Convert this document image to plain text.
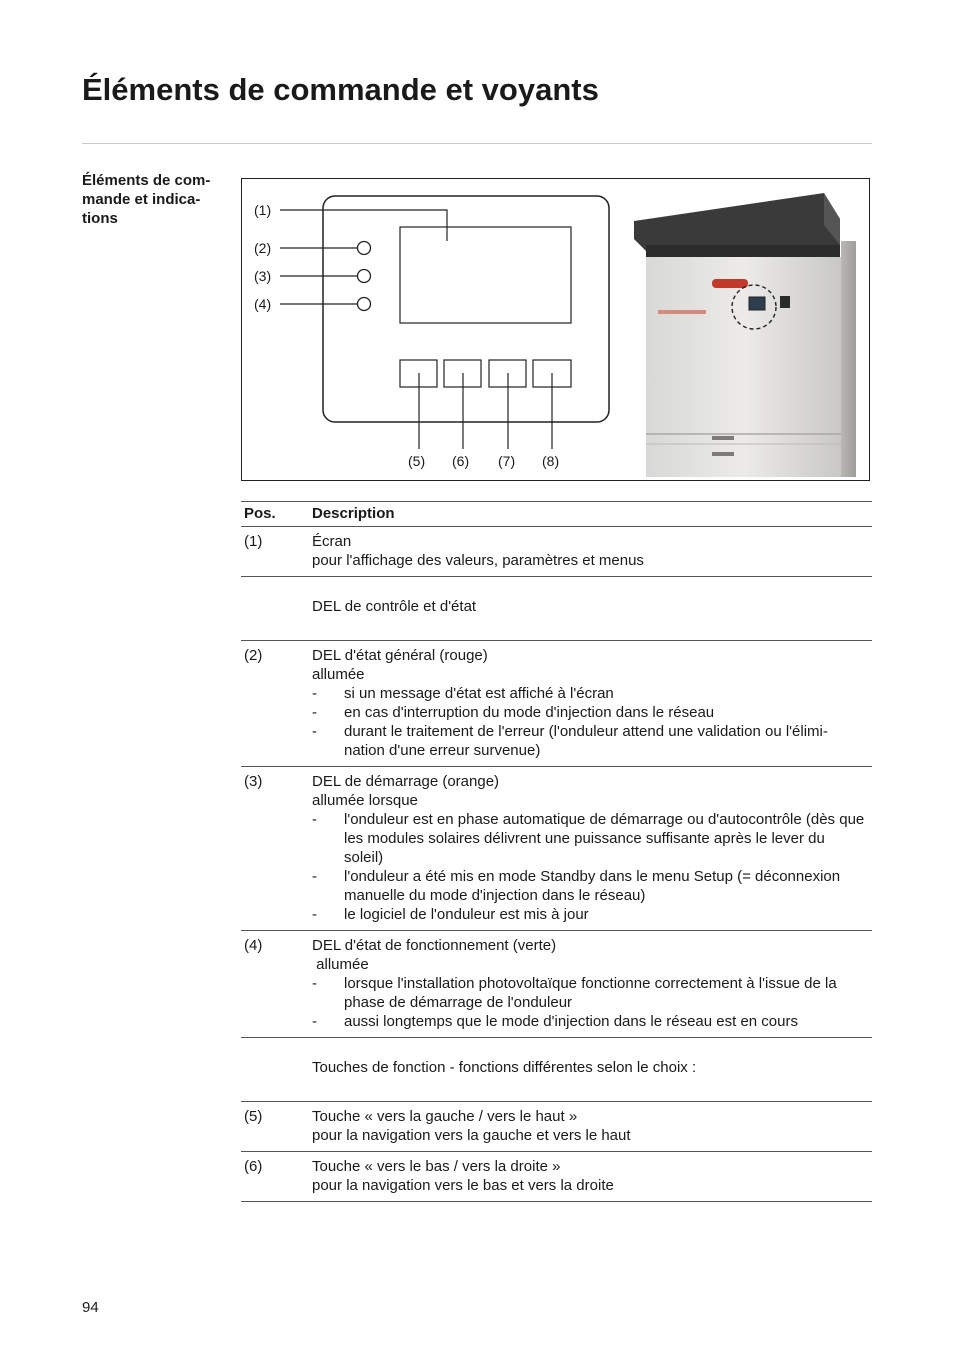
Éléments de commande et voyants
Éléments de com-
mande et indica-
tions	(1)
(2)
(3)
(4)
(5) (6) (7) (8)
Pos.	Description
(1)	Écran
pour l'affichage des valeurs, paramètres et menus
DEL de contrôle et d'état
(2)	DEL d'état général (rouge)
allumée
-	si un message d'état est affiché à l'écran
-	en cas d'interruption du mode d'injection dans le réseau
-	durant le traitement de l'erreur (l'onduleur attend une validation ou l'élimi-nation d'une erreur survenue)
(3)	DEL de démarrage (orange)
allumée lorsque
-	l'onduleur est en phase automatique de démarrage ou d'autocontrôle (dès que les modules solaires délivrent une puissance suffisante après le lever du soleil)
-	l'onduleur a été mis en mode Standby dans le menu Setup (= déconnexion manuelle du mode d'injection dans le réseau)
-	le logiciel de l'onduleur est mis à jour
(4)	DEL d'état de fonctionnement (verte)
allumée
-	lorsque l'installation photovoltaïque fonctionne correctement à l'issue de la phase de démarrage de l'onduleur
-	aussi longtemps que le mode d'injection dans le réseau est en cours
Touches de fonction - fonctions différentes selon le choix :
(5)	Touche « vers la gauche / vers le haut »
pour la navigation vers la gauche et vers le haut
(6)	Touche « vers le bas / vers la droite »
pour la navigation vers le bas et vers la droite
94
